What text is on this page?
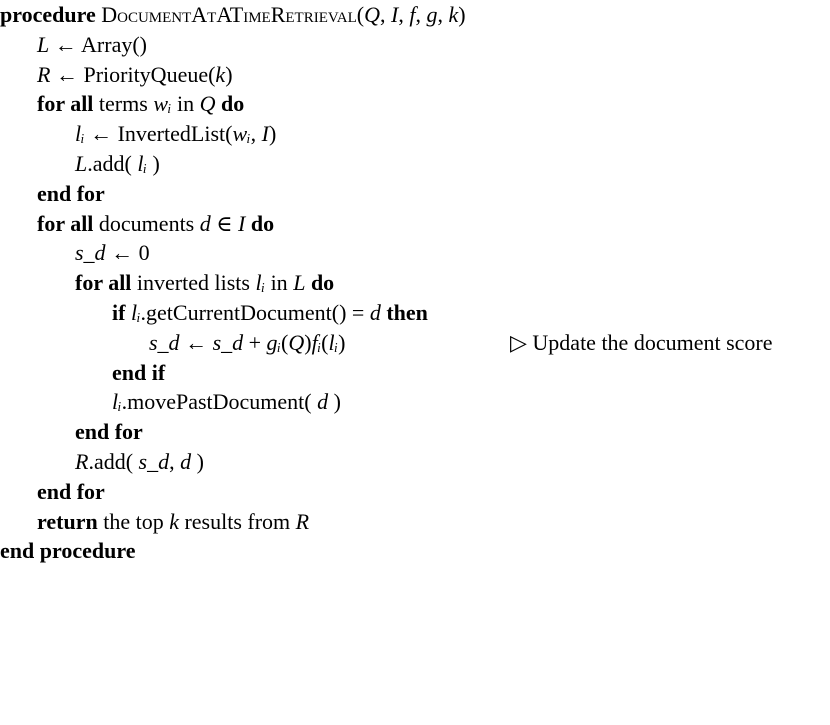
procedure DocumentAtATimeRetrieval(Q, I, f, g, k)
L ← Array()
R ← PriorityQueue(k)
for all terms wᵢ in Q do
lᵢ ← InvertedList(wᵢ, I)
L.add( lᵢ )
end for
for all documents d ∈ I do
s_d ← 0
for all inverted lists lᵢ in L do
if lᵢ.getCurrentDocument() = d then
s_d ← s_d + gᵢ(Q)fᵢ(lᵢ)	▷ Update the document score
end if
lᵢ.movePastDocument( d )
end for
R.add( s_d, d )
end for
return the top k results from R
end procedure
